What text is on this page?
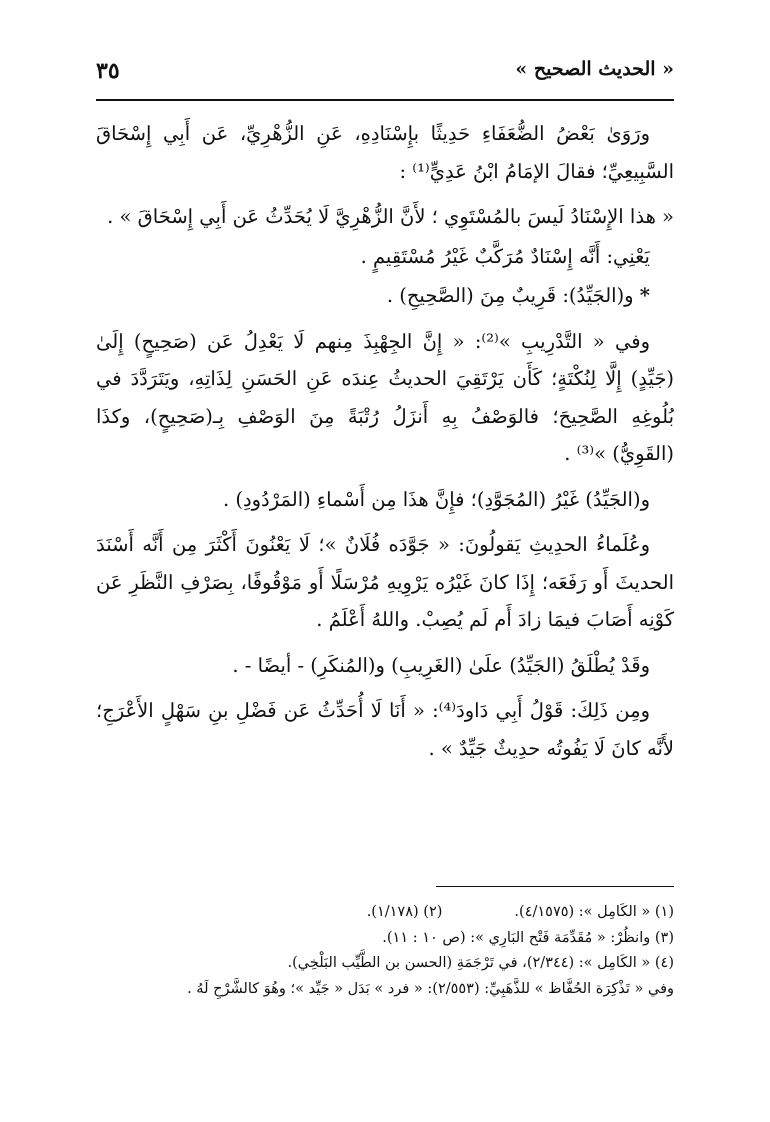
« الحديث الصحيح »
٣٥

ورَوَىٰ بَعْضُ الضُّعَفَاءِ حَدِيثًا بإِسْنَادِهِ، عَنِ الزُّهْرِيِّ، عَن أَبِي إِسْحَاقَ السَّبِيعِيِّ؛ فقالَ الإمَامُ ابْنُ عَدِيٍّ⁽¹⁾ :

« هذا الإِسْنَادُ لَيسَ بالمُسْتَوِي ؛ لأَنَّ الزُّهْرِيَّ لَا يُحَدِّثُ عَن أَبِي إِسْحَاقَ » .

يَعْنِي: أَنَّه إِسْنَادٌ مُرَكَّبٌ غَيْرُ مُسْتَقِيمٍ .

* و(الجَيِّدُ): قَرِيبٌ مِنَ (الصَّحِيحِ) .

وفي « التَّدْرِيبِ »⁽²⁾: « إِنَّ الجِهْبِذَ مِنهم لَا يَعْدِلُ عَن (صَحِيحٍ) إِلَىٰ (جَيِّدٍ) إِلَّا لِنُكْتَةٍ؛ كَأَن يَرْتَقِيَ الحديثُ عِندَه عَنِ الحَسَنِ لِذَاتِهِ، ويَتَرَدَّدَ في بُلُوغِهِ الصَّحِيحَ؛ فالوَصْفُ بِهِ أَنزَلُ رُتْبَةً مِنَ الوَصْفِ بِـ(صَحِيحٍ)، وكذَا (القَوِيُّ) »⁽³⁾ .

و(الجَيِّدُ) غَيْرُ (المُجَوَّدِ)؛ فإِنَّ هذَا مِن أَسْماءِ (المَرْدُودِ) .

وعُلَماءُ الحدِيثِ يَقولُونَ: « جَوَّدَه فُلَانٌ »؛ لَا يَعْنُونَ أَكْثَرَ مِن أَنَّه أَسْنَدَ الحديثَ أَو رَفَعَه؛ إِذَا كانَ غَيْرُه يَرْوِيهِ مُرْسَلًا أَو مَوْقُوفًا، بِصَرْفِ النَّظَرِ عَن كَوْنِه أَصَابَ فيمَا زادَ أَم لَم يُصِبْ. واللهُ أَعْلَمُ .

وقَدْ يُطْلَقُ (الجَيِّدُ) علَىٰ (الغَرِيبِ) و(المُنكَرِ) - أيضًا - .

ومِن ذَلِكَ: قَوْلُ أَبِي دَاودَ⁽⁴⁾: « أَنَا لَا أُحَدِّثُ عَن فَضْلِ بنِ سَهْلٍ الأَعْرَجِ؛ لأَنَّه كانَ لَا يَفُوتُه حدِيثٌ جَيِّدٌ » .

(١) « الكَامِل »: (٤/١٥٧٥).(٢) (١/١٧٨).

(٣) وانظُرْ: « مُقَدِّمَة فَتْح البَارِي »: (ص ١٠ : ١١).

(٤) « الكَامِل »: (٢/٣٤٤)، في تَرْجَمَةِ (الحسن بن الطَّيِّب البَلْخِي).

وفي « تَذْكِرَة الحُفَّاظ » للذَّهَبِيِّ: (٢/٥٥٣): « فرد » بَدَل « جَيِّد »؛ وهُوَ كالشَّرْحِ لَهُ .
